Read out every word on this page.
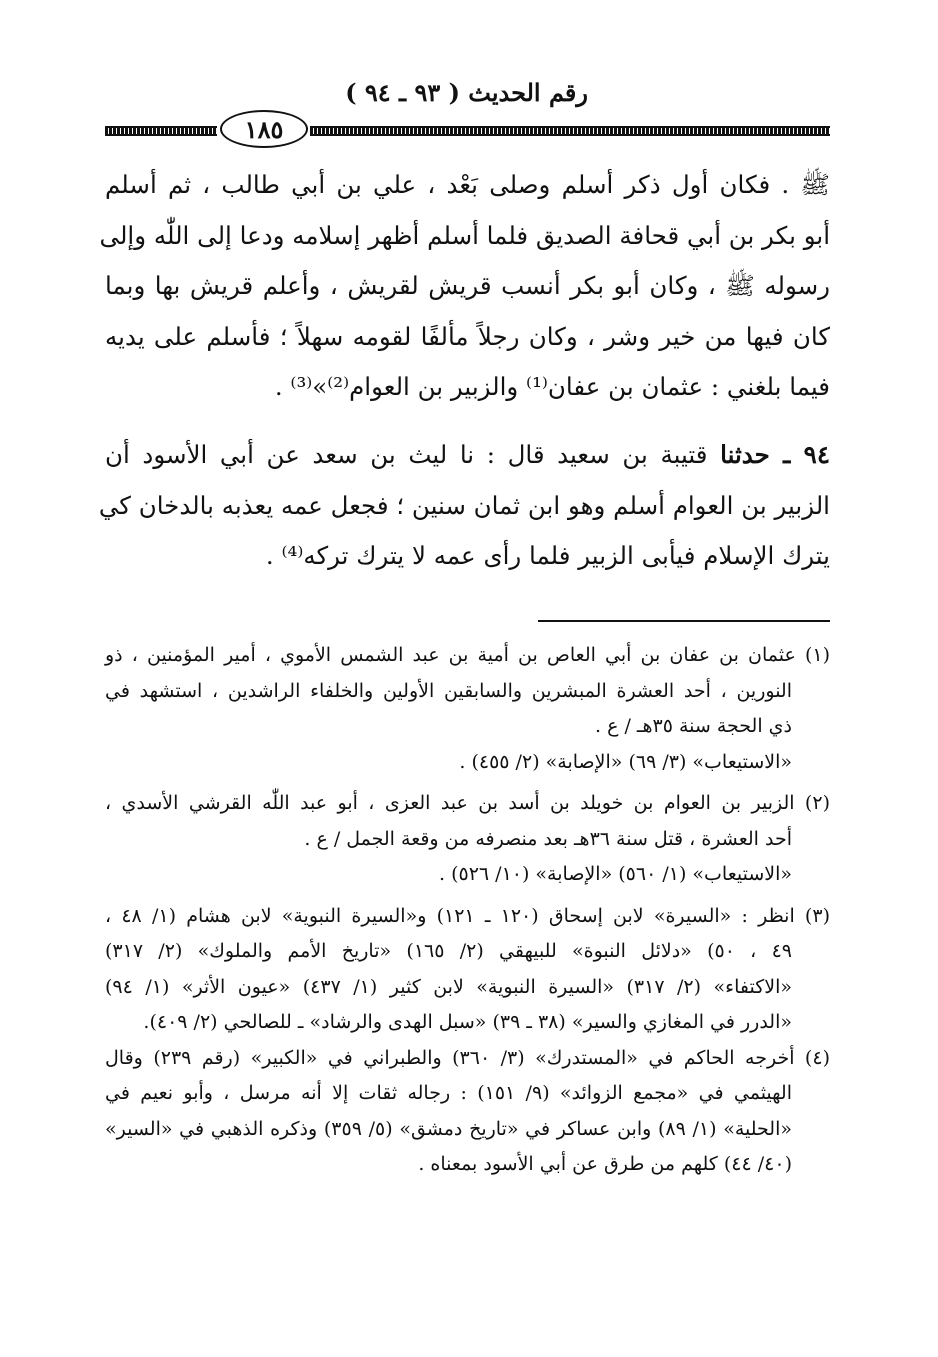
رقم الحديث ( ٩٣ ـ ٩٤ )
١٨٥
ﷺ . فكان أول ذكر أسلم وصلى بَعْد ، علي بن أبي طالب ، ثم أسلم
أبو بكر بن أبي قحافة الصديق فلما أسلم أظهر إسلامه ودعا إلى اللّٰه وإلى
رسوله ﷺ ، وكان أبو بكر أنسب قريش لقريش ، وأعلم قريش بها وبما
كان فيها من خير وشر ، وكان رجلاً مألفًا لقومه سهلاً ؛ فأسلم على يديه
فيما بلغني : عثمان بن عفان⁽¹⁾ والزبير بن العوام⁽²⁾»⁽³⁾ .
٩٤ ـ حدثنا قتيبة بن سعيد قال : نا ليث بن سعد عن أبي الأسود أن
الزبير بن العوام أسلم وهو ابن ثمان سنين ؛ فجعل عمه يعذبه بالدخان كي
يترك الإسلام فيأبى الزبير فلما رأى عمه لا يترك تركه⁽⁴⁾ .
(١) عثمان بن عفان بن أبي العاص بن أمية بن عبد الشمس الأموي ، أمير المؤمنين ، ذو
النورين ، أحد العشرة المبشرين والسابقين الأولين والخلفاء الراشدين ، استشهد في
ذي الحجة سنة ٣٥هـ / ع .
«الاستيعاب» (٣/ ٦٩) «الإصابة» (٢/ ٤٥٥) .
(٢) الزبير بن العوام بن خويلد بن أسد بن عبد العزى ، أبو عبد اللّٰه القرشي الأسدي ،
أحد العشرة ، قتل سنة ٣٦هـ بعد منصرفه من وقعة الجمل / ع .
«الاستيعاب» (١/ ٥٦٠) «الإصابة» (١٠/ ٥٢٦) .
(٣) انظر : «السيرة» لابن إسحاق (١٢٠ ـ ١٢١) و«السيرة النبوية» لابن هشام (١/ ٤٨ ،
٤٩ ، ٥٠) «دلائل النبوة» للبيهقي (٢/ ١٦٥) «تاريخ الأمم والملوك» (٢/ ٣١٧)
«الاكتفاء» (٢/ ٣١٧) «السيرة النبوية» لابن كثير (١/ ٤٣٧) «عيون الأثر» (١/ ٩٤)
«الدرر في المغازي والسير» (٣٨ ـ ٣٩) «سبل الهدى والرشاد» ـ للصالحي (٢/ ٤٠٩).
(٤) أخرجه الحاكم في «المستدرك» (٣/ ٣٦٠) والطبراني في «الكبير» (رقم ٢٣٩) وقال
الهيثمي في «مجمع الزوائد» (٩/ ١٥١) : رجاله ثقات إلا أنه مرسل ، وأبو نعيم في
«الحلية» (١/ ٨٩) وابن عساكر في «تاريخ دمشق» (٥/ ٣٥٩) وذكره الذهبي في «السير»
(٤٠/ ٤٤) كلهم من طرق عن أبي الأسود بمعناه .
